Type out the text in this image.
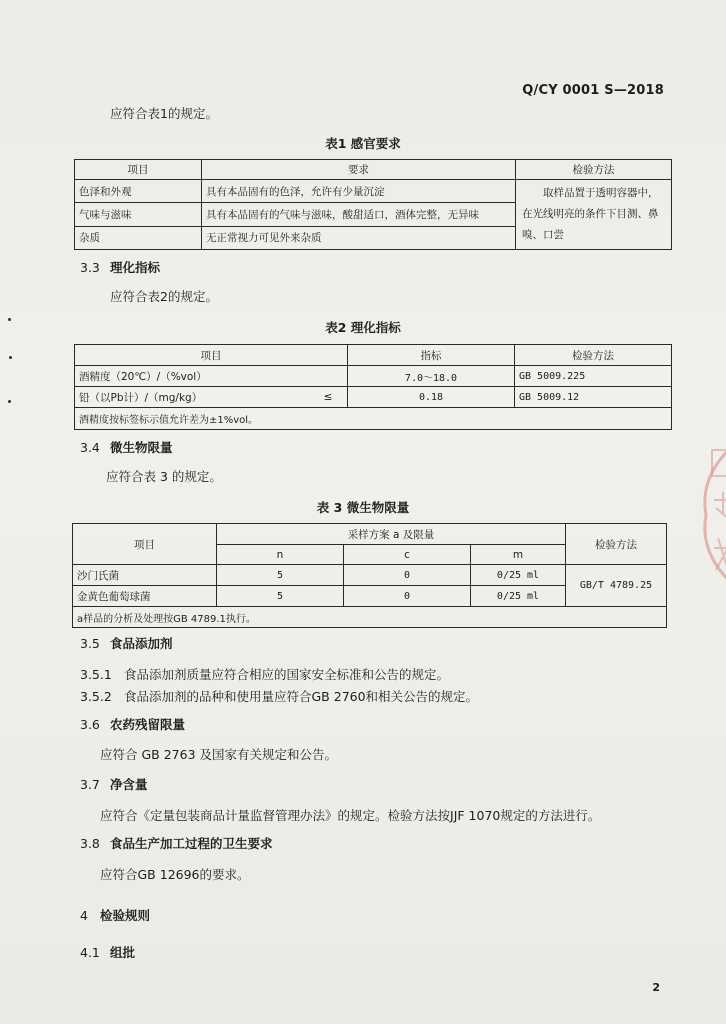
Q/CY 0001 S—2018
应符合表1的规定。
表1 感官要求
项目	要求	检验方法
色泽和外观	具有本品固有的色泽，允许有少量沉淀	取样品置于透明容器中，在光线明亮的条件下目测、鼻嗅、口尝
气味与滋味	具有本品固有的气味与滋味，酸甜适口，酒体完整，无异味	
杂质	无正常视力可见外来杂质	
3.3 理化指标
应符合表2的规定。
表2 理化指标
项目		指标	检验方法
酒精度（20℃）/（%vol）		7.0～18.0	GB 5009.225
铅（以Pb计）/（mg/kg）	≤	0.18	GB 5009.12
酒精度按标签标示值允许差为±1%vol。			
3.4 微生物限量
应符合表 3 的规定。
表 3 微生物限量
项目	采样方案 a 及限量			检验方法
	n	c	m	
沙门氏菌	5	0	0/25 ml	GB/T 4789.25
金黄色葡萄球菌	5	0	0/25 ml	
a样品的分析及处理按GB 4789.1执行。				
3.5 食品添加剂
3.5.1 食品添加剂质量应符合相应的国家安全标准和公告的规定。
3.5.2 食品添加剂的品种和使用量应符合GB 2760和相关公告的规定。
3.6 农药残留限量
应符合 GB 2763 及国家有关规定和公告。
3.7 净含量
应符合《定量包装商品计量监督管理办法》的规定。检验方法按JJF 1070规定的方法进行。
3.8 食品生产加工过程的卫生要求
应符合GB 12696的要求。
4 检验规则
4.1 组批
2
